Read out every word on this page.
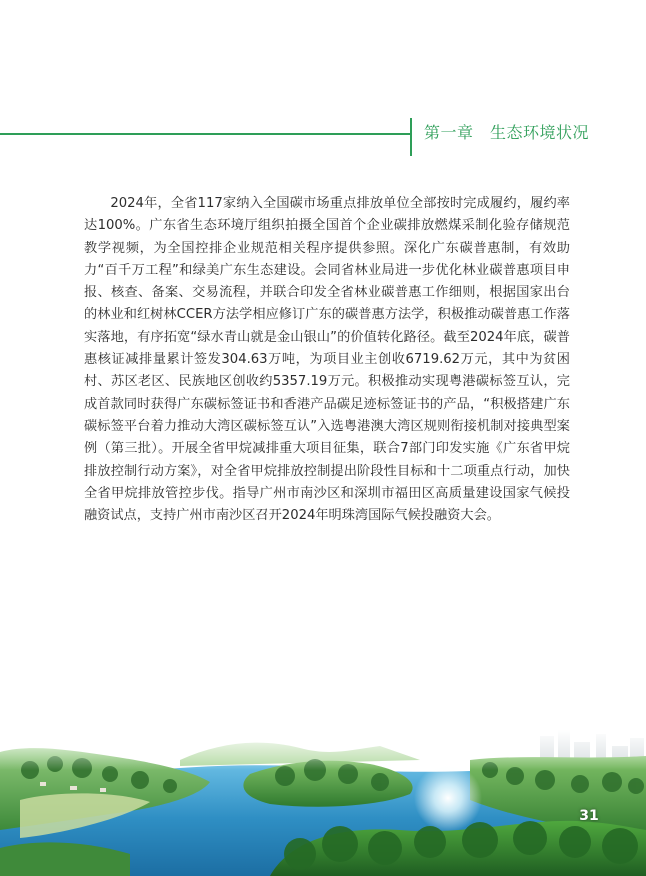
第一章　生态环境状况
2024年，全省117家纳入全国碳市场重点排放单位全部按时完成履约，履约率达100%。广东省生态环境厅组织拍摄全国首个企业碳排放燃煤采制化验存储规范教学视频，为全国控排企业规范相关程序提供参照。深化广东碳普惠制，有效助力“百千万工程”和绿美广东生态建设。会同省林业局进一步优化林业碳普惠项目申报、核查、备案、交易流程，并联合印发全省林业碳普惠工作细则，根据国家出台的林业和红树林CCER方法学相应修订广东的碳普惠方法学，积极推动碳普惠工作落实落地，有序拓宽“绿水青山就是金山银山”的价值转化路径。截至2024年底，碳普惠核证减排量累计签发304.63万吨，为项目业主创收6719.62万元，其中为贫困村、苏区老区、民族地区创收约5357.19万元。积极推动实现粤港碳标签互认，完成首款同时获得广东碳标签证书和香港产品碳足迹标签证书的产品，“积极搭建广东碳标签平台着力推动大湾区碳标签互认”入选粤港澳大湾区规则衔接机制对接典型案例（第三批）。开展全省甲烷减排重大项目征集，联合7部门印发实施《广东省甲烷排放控制行动方案》，对全省甲烷排放控制提出阶段性目标和十二项重点行动，加快全省甲烷排放管控步伐。指导广州市南沙区和深圳市福田区高质量建设国家气候投融资试点，支持广州市南沙区召开2024年明珠湾国际气候投融资大会。
31
